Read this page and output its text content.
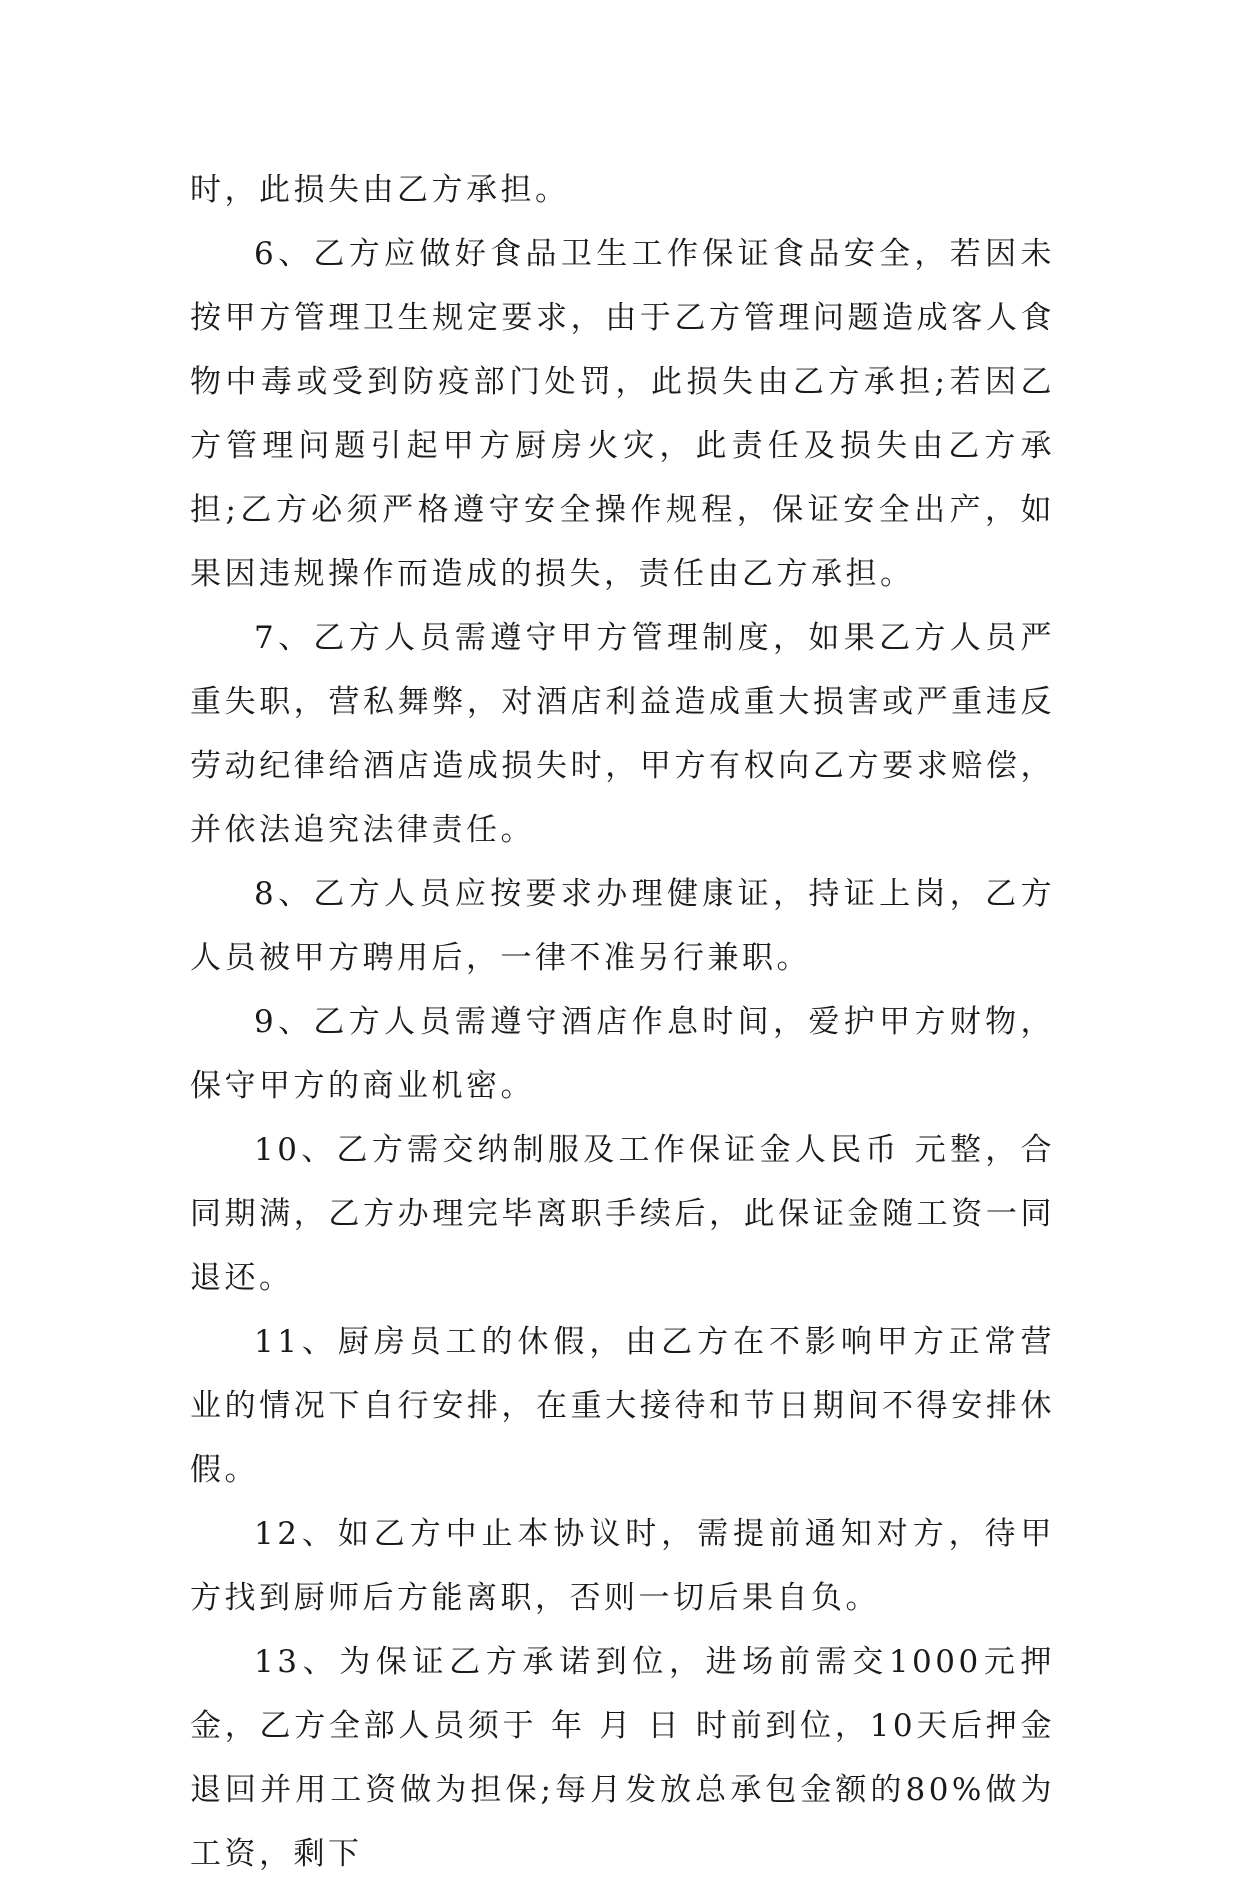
时，此损失由乙方承担。

6、乙方应做好食品卫生工作保证食品安全，若因未按甲方管理卫生规定要求，由于乙方管理问题造成客人食物中毒或受到防疫部门处罚，此损失由乙方承担;若因乙方管理问题引起甲方厨房火灾，此责任及损失由乙方承担;乙方必须严格遵守安全操作规程，保证安全出产，如果因违规操作而造成的损失，责任由乙方承担。

7、乙方人员需遵守甲方管理制度，如果乙方人员严重失职，营私舞弊，对酒店利益造成重大损害或严重违反劳动纪律给酒店造成损失时，甲方有权向乙方要求赔偿，并依法追究法律责任。

8、乙方人员应按要求办理健康证，持证上岗，乙方人员被甲方聘用后，一律不准另行兼职。

9、乙方人员需遵守酒店作息时间，爱护甲方财物，保守甲方的商业机密。

10、乙方需交纳制服及工作保证金人民币 元整，合同期满，乙方办理完毕离职手续后，此保证金随工资一同退还。

11、厨房员工的休假，由乙方在不影响甲方正常营业的情况下自行安排，在重大接待和节日期间不得安排休假。

12、如乙方中止本协议时，需提前通知对方，待甲方找到厨师后方能离职，否则一切后果自负。

13、为保证乙方承诺到位，进场前需交1000元押金，乙方全部人员须于 年 月 日 时前到位，10天后押金退回并用工资做为担保;每月发放总承包金额的80%做为工资，剩下
